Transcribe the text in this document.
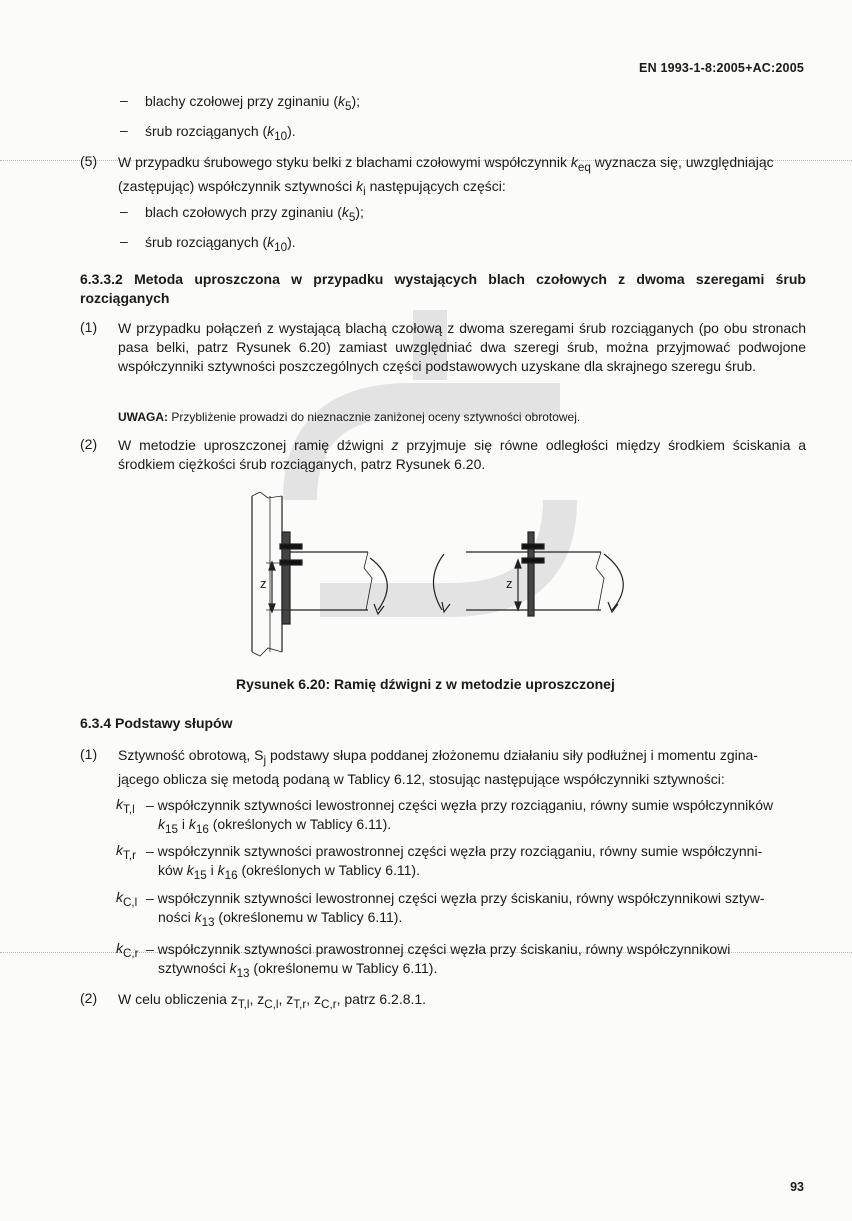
EN 1993-1-8:2005+AC:2005
– blachy czołowej przy zginaniu $(k_5)$;
– śrub rozciąganych $(k_{10})$.
(5) W przypadku śrubowego styku belki z blachami czołowymi współczynnik $k_{eq}$ wyznacza się, uwzględniając
(zastępując) współczynnik sztywności $k_i$ następujących części:
– blach czołowych przy zginaniu $(k_5)$;
– śrub rozciąganych $(k_{10})$.
6.3.3.2 Metoda uproszczona w przypadku wystających blach czołowych z dwoma szeregami śrub
rozciąganych
(1) W przypadku połączeń z wystającą blachą czołową z dwoma szeregami śrub rozciąganych (po obu stronach pasa belki, patrz Rysunek 6.20) zamiast uwzględniać dwa szeregi śrub, można przyjmować podwojone współczynniki sztywności poszczególnych części podstawowych uzyskane dla skrajnego szeregu śrub.
UWAGA: Przybliżenie prowadzi do nieznacznie zaniżonej oceny sztywności obrotowej.
(2) W metodzie uproszczonej ramię dźwigni z przyjmuje się równe odległości między środkiem ściskania a środkiem ciężkości śrub rozciąganych, patrz Rysunek 6.20.
z	z
Rysunek 6.20: Ramię dźwigni z w metodzie uproszczonej
6.3.4 Podstawy słupów
(1) Sztywność obrotową, $S_j$ podstawy słupa poddanej złożonemu działaniu siły podłużnej i momentu zgina-
jącego oblicza się metodą podaną w Tablicy 6.12, stosując następujące współczynniki sztywności:
$k_{T,l}$ – współczynnik sztywności lewostronnej części węzła przy rozciąganiu, równy sumie współczynników
$k_{15}$ i $k_{16}$ (określonych w Tablicy 6.11).
$k_{T,r}$ – współczynnik sztywności prawostronnej części węzła przy rozciąganiu, równy sumie współczynni-
ków $k_{15}$ i $k_{16}$ (określonych w Tablicy 6.11).
$k_{C,l}$ – współczynnik sztywności lewostronnej części węzła przy ściskaniu, równy współczynnikowi sztyw-
ności $k_{13}$ (określonemu w Tablicy 6.11).
$k_{C,r}$ – współczynnik sztywności prawostronnej części węzła przy ściskaniu, równy współczynnikowi
sztywności $k_{13}$ (określonemu w Tablicy 6.11).
(2) W celu obliczenia $z_{T,l}$, $z_{C,l}$, $z_{T,r}$, $z_{C,r}$, patrz 6.2.8.1.
93
